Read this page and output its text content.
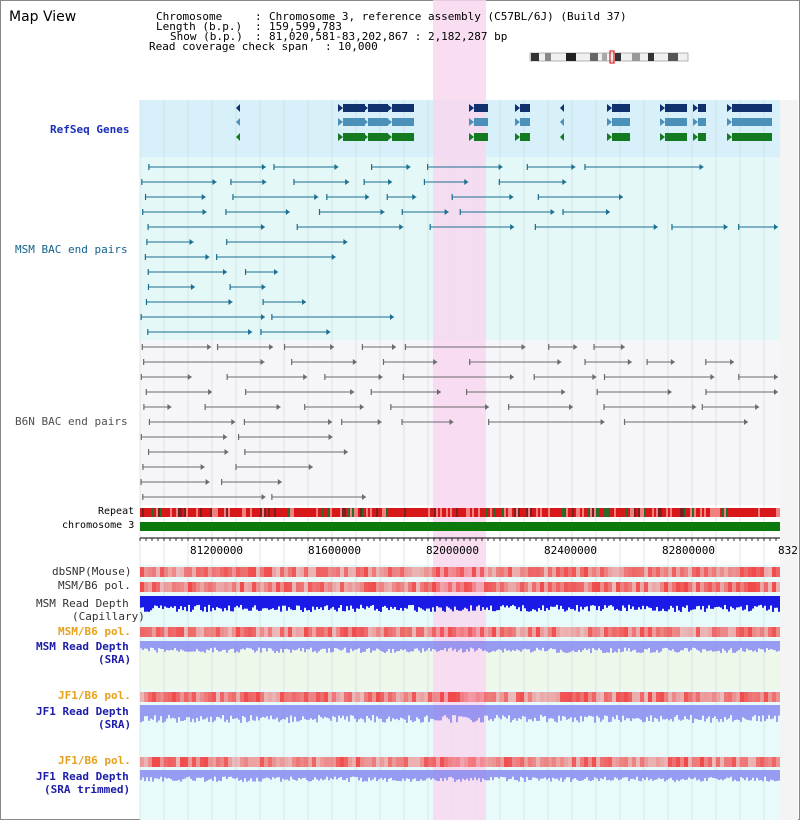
Map View	Chromosome	: Chromosome 3, reference assembly (C57BL/6J) (Build 37)
Length (b.p.) : 159,599,783
Show (b.p.) : 81,020,581-83,202,867 : 2,182,287 bp
Read coverage check span : 10,000
RefSeq Genes
MSM BAC end pairs
B6N BAC end pairs
Repeat
chromosome 3
81200000	81600000	82000000	82400000	82800000	832
dbSNP(Mouse)
MSM/B6 pol.
MSM Read Depth
(Capillary)
MSM/B6 pol.
MSM Read Depth
(SRA)
JF1/B6 pol.
JF1 Read Depth
(SRA)
JF1/B6 pol.
JF1 Read Depth
(SRA trimmed)
